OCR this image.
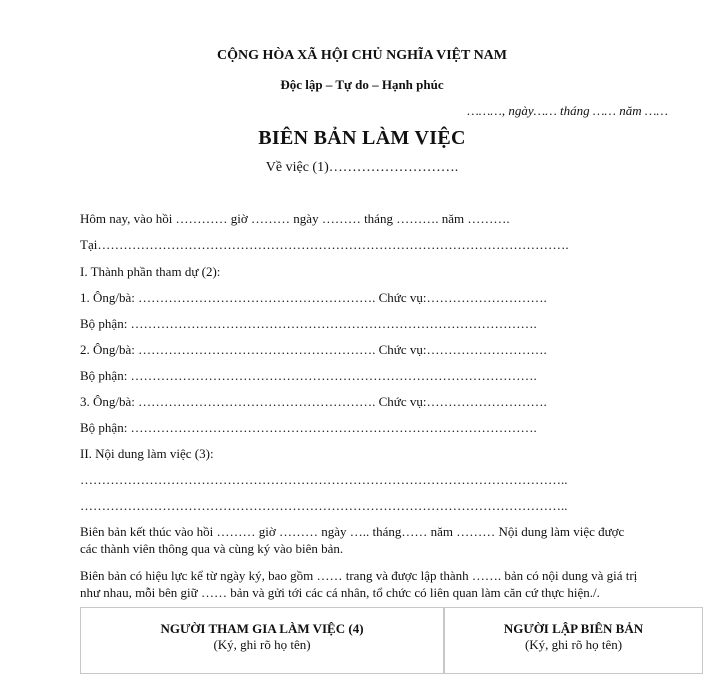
CỘNG HÒA XÃ HỘI CHỦ NGHĨA VIỆT NAM
Độc lập – Tự do – Hạnh phúc
………, ngày…… tháng …… năm ……
BIÊN BẢN LÀM VIỆC
Về việc (1)……………………….
Hôm nay, vào hồi ………… giờ ……… ngày ……… tháng ………. năm ……….
Tại……………………………………………………………………………………………….
I. Thành phần tham dự (2):
1. Ông/bà: ………………………………………………. Chức vụ:……………………….
Bộ phận: ………………………………………………………………………………….
2. Ông/bà: ………………………………………………. Chức vụ:……………………….
Bộ phận: ………………………………………………………………………………….
3. Ông/bà: ………………………………………………. Chức vụ:……………………….
Bộ phận: ………………………………………………………………………………….
II. Nội dung làm việc (3):
…………………………………………………………………………………………………..
…………………………………………………………………………………………………..
Biên bản kết thúc vào hồi ……… giờ ……… ngày ….. tháng…… năm ……… Nội dung làm việc được các thành viên thông qua và cùng ký vào biên bản.
Biên bản có hiệu lực kể từ ngày ký, bao gồm …… trang và được lập thành ……. bản có nội dung và giá trị như nhau, mỗi bên giữ …… bản và gửi tới các cá nhân, tổ chức có liên quan làm căn cứ thực hiện./.
NGƯỜI THAM GIA LÀM VIỆC (4)
(Ký, ghi rõ họ tên)
NGƯỜI LẬP BIÊN BẢN
(Ký, ghi rõ họ tên)
